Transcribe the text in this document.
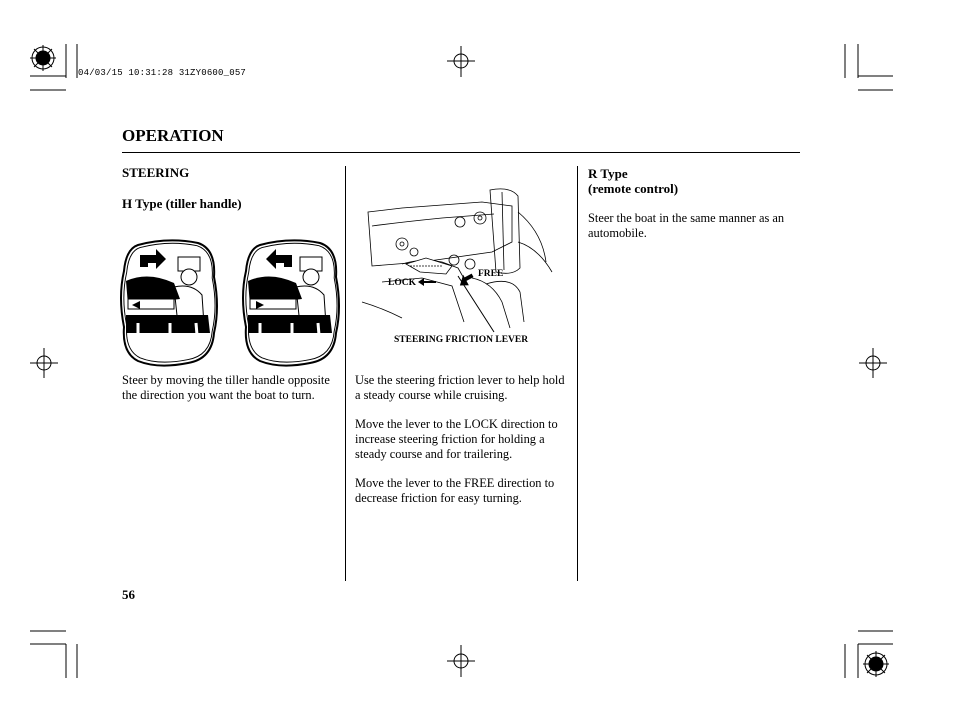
04/03/15 10:31:28 31ZY0600_057
OPERATION
STEERING
H Type (tiller handle)

Steer by moving the tiller handle opposite the direction you want the boat to turn.

LOCK
FREE
STEERING FRICTION LEVER

Use the steering friction lever to help hold a steady course while cruising.

Move the lever to the LOCK direction to increase steering friction for holding a steady course and for trailering.

Move the lever to the FREE direction to decrease friction for easy turning.

R Type
(remote control)

Steer the boat in the same manner as an automobile.

56
